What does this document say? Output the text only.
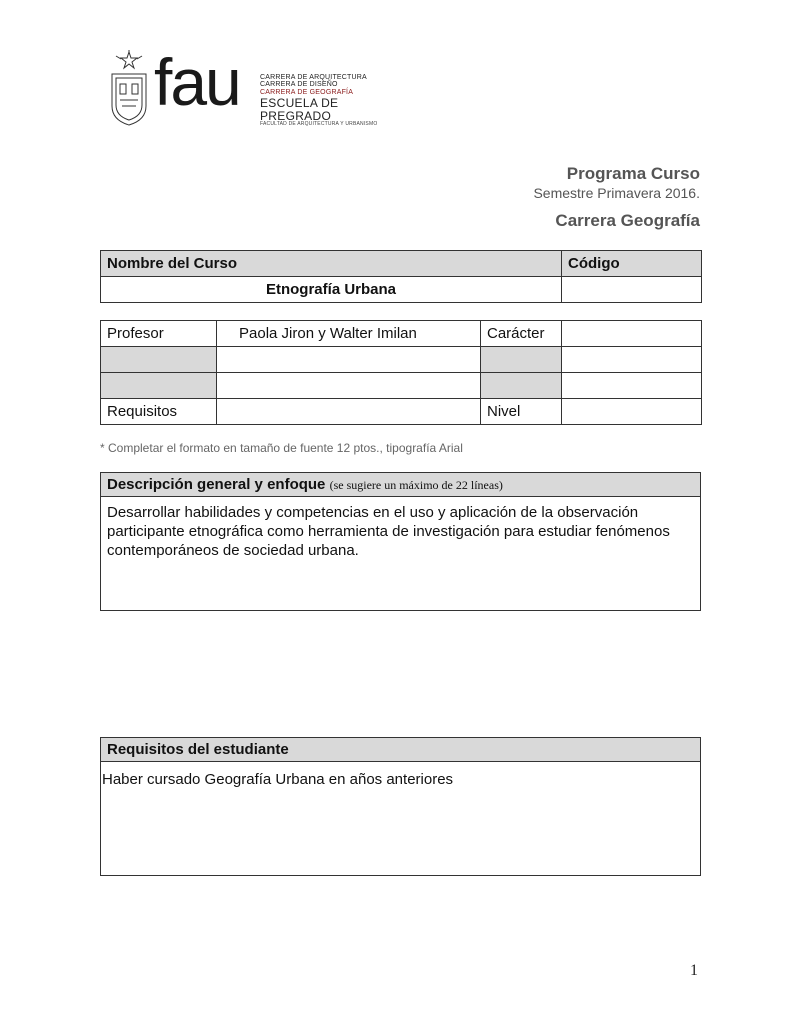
fau	CARRERA DE ARQUITECTURA
CARRERA DE DISEÑO
CARRERA DE GEOGRAFÍA
ESCUELA DE PREGRADO
FACULTAD DE ARQUITECTURA Y URBANISMO
Programa Curso
Semestre Primavera 2016.
Carrera Geografía
Nombre del Curso	Código
Etnografía Urbana	
Profesor	Paola Jiron y Walter Imilan	Carácter	

Requisitos		Nivel	
* Completar el formato en tamaño de fuente 12 ptos., tipografía Arial
Descripción general y enfoque (se sugiere un máximo de 22 líneas)
Desarrollar habilidades y competencias en el uso y aplicación de la observación participante etnográfica como herramienta de investigación para estudiar fenómenos contemporáneos de sociedad urbana.
Requisitos del estudiante
Haber cursado Geografía Urbana en años anteriores
1
